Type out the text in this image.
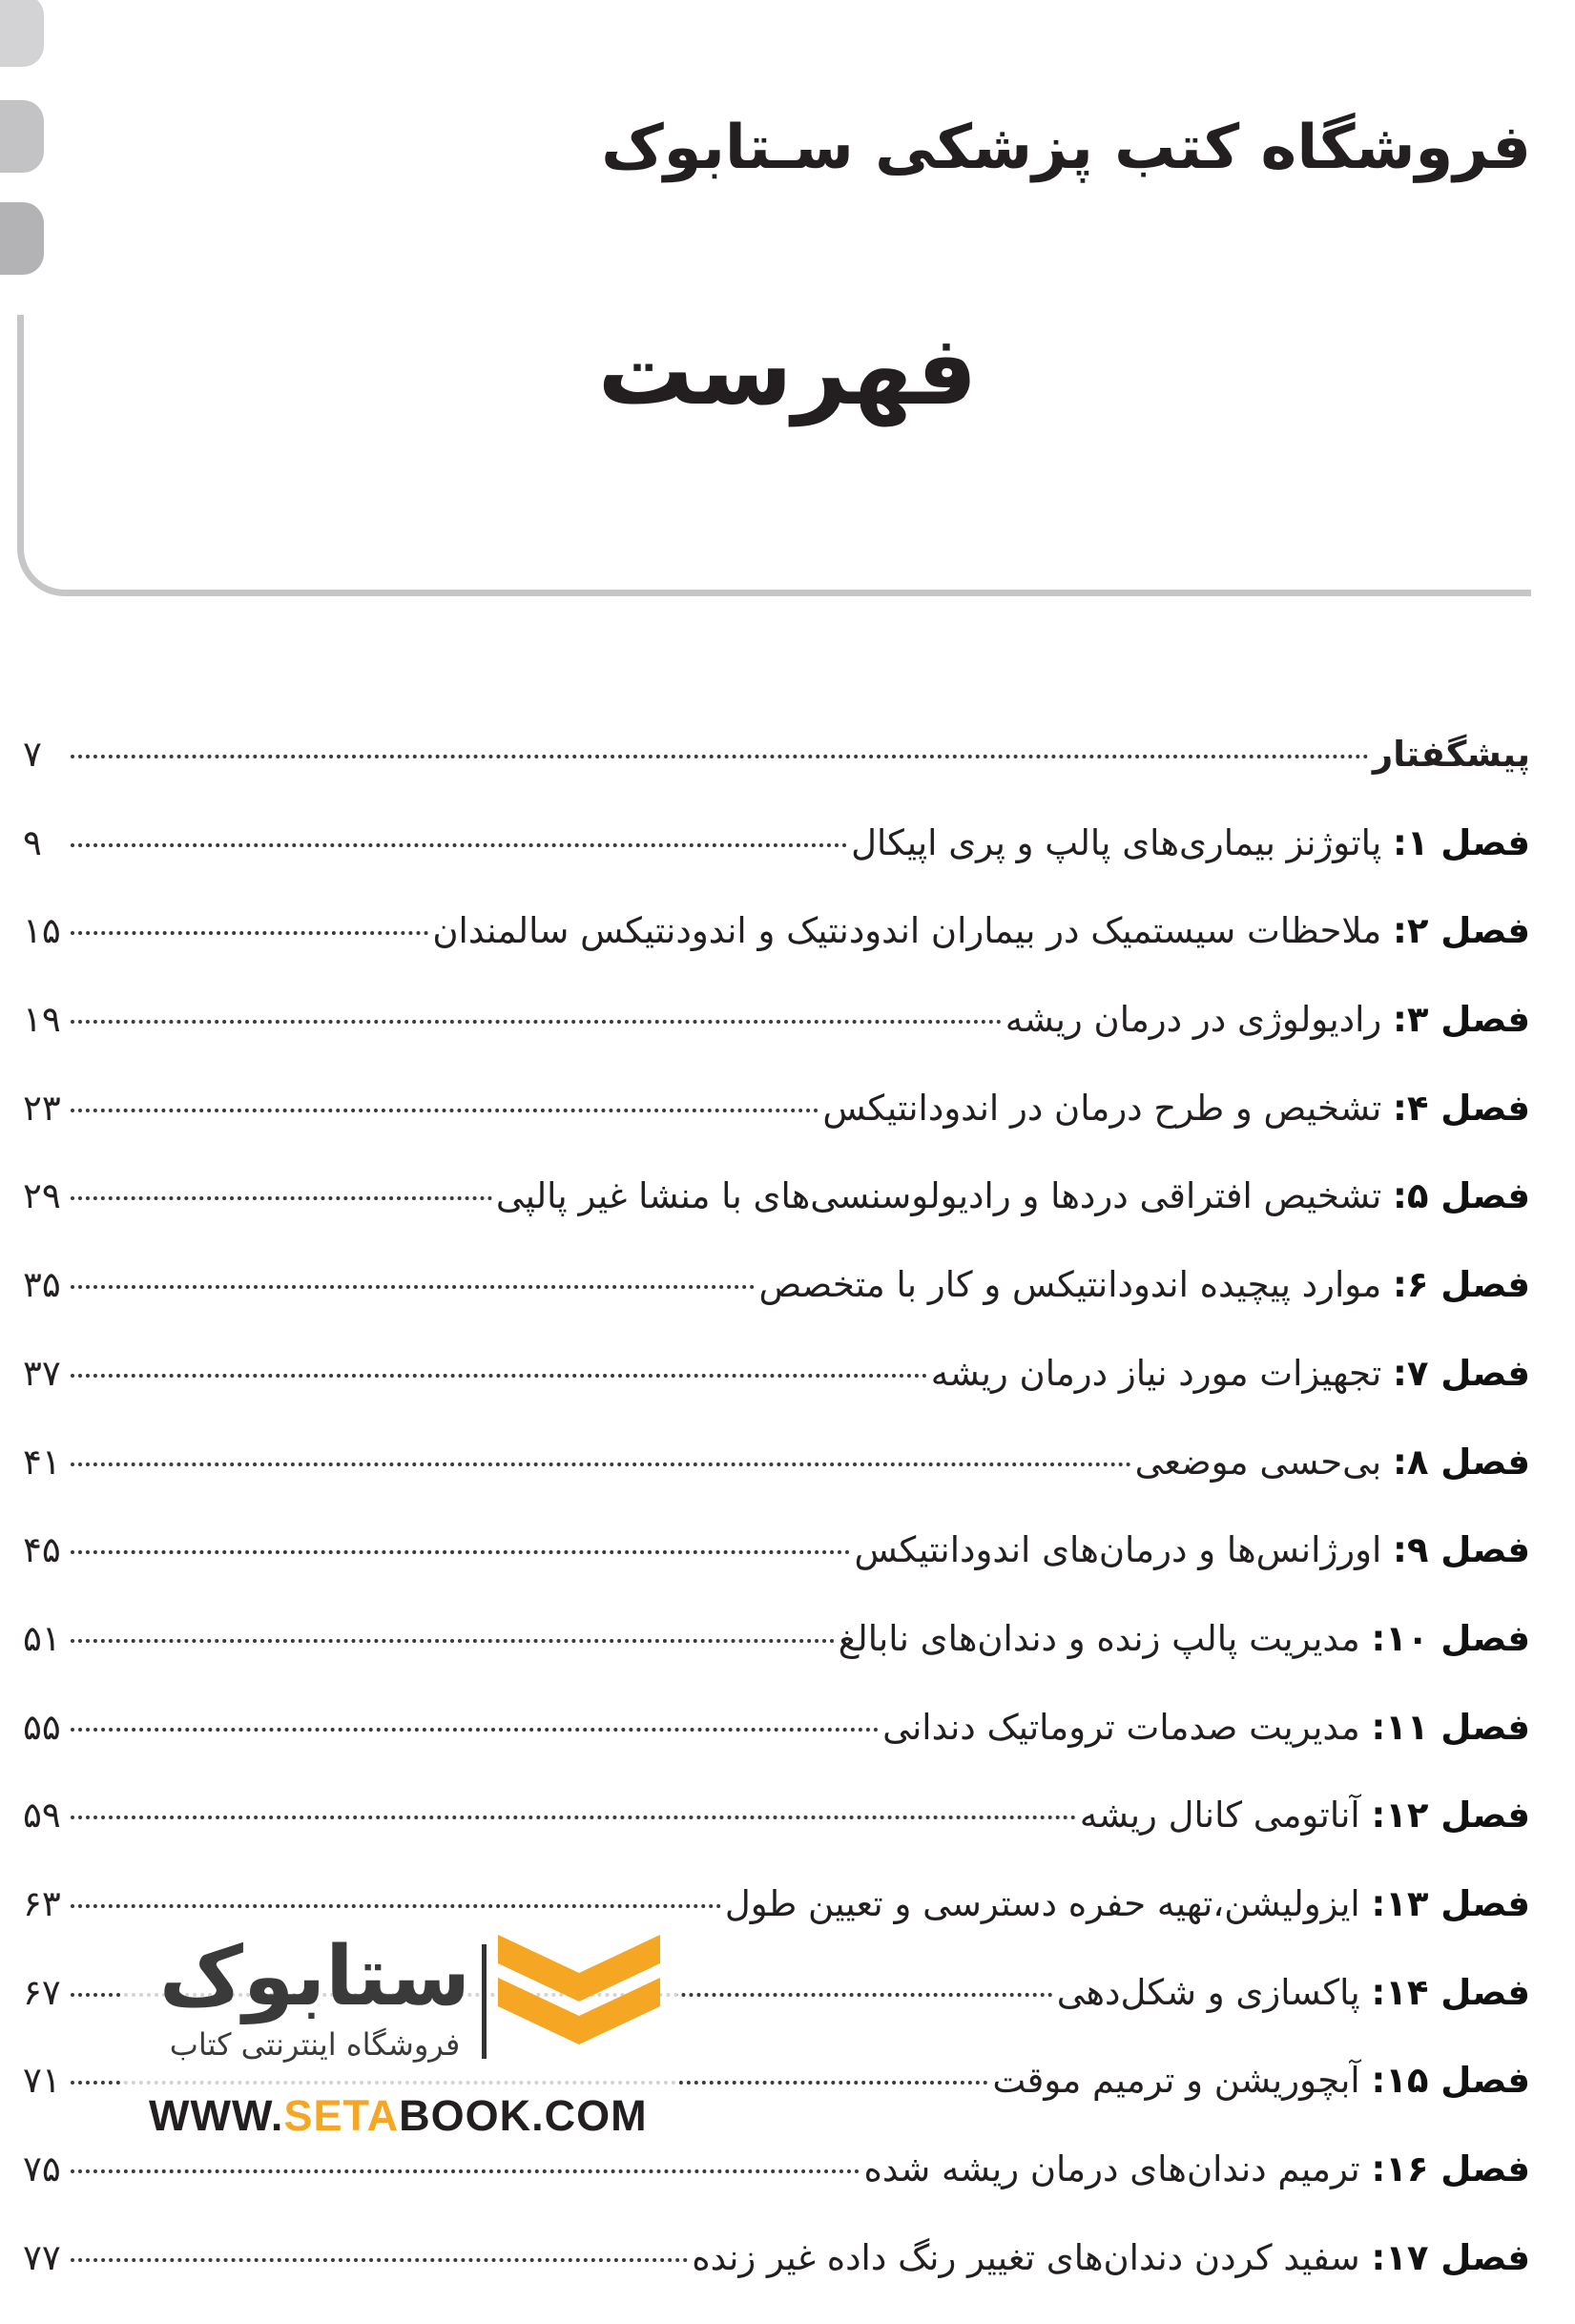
فروشگاه کتب پزشکی سـتابوک
فهرست
پیشگفتار
۷
فصل ۱: پاتوژنز بیماری‌های پالپ و پری اپیکال
۹
فصل ۲: ملاحظات سیستمیک در بیماران اندودنتیک و اندودنتیکس سالمندان
۱۵
فصل ۳: رادیولوژی در درمان ریشه
۱۹
فصل ۴: تشخیص و طرح درمان در اندودانتیکس
۲۳
فصل ۵: تشخیص افتراقی دردها و رادیولوسنسی‌های با منشا غیر پالپی
۲۹
فصل ۶: موارد پیچیده اندودانتیکس و کار با متخصص
۳۵
فصل ۷: تجهیزات مورد نیاز درمان ریشه
۳۷
فصل ۸: بی‌حسی موضعی
۴۱
فصل ۹: اورژانس‌ها و درمان‌های اندودانتیکس
۴۵
فصل ۱۰: مدیریت پالپ زنده و دندان‌های نابالغ
۵۱
فصل ۱۱: مدیریت صدمات تروماتیک دندانی
۵۵
فصل ۱۲: آناتومی کانال ریشه
۵۹
فصل ۱۳: ایزولیشن،تهیه حفره دسترسی و تعیین طول
۶۳
فصل ۱۴: پاکسازی و شکل‌دهی
۶۷
فصل ۱۵: آبچوریشن و ترمیم موقت
۷۱
فصل ۱۶: ترمیم دندان‌های درمان ریشه شده
۷۵
فصل ۱۷: سفید کردن دندان‌های تغییر رنگ داده غیر زنده
۷۷
ستابوک
فروشگاه اینترنتی کتاب
WWW.SETABOOK.COM
